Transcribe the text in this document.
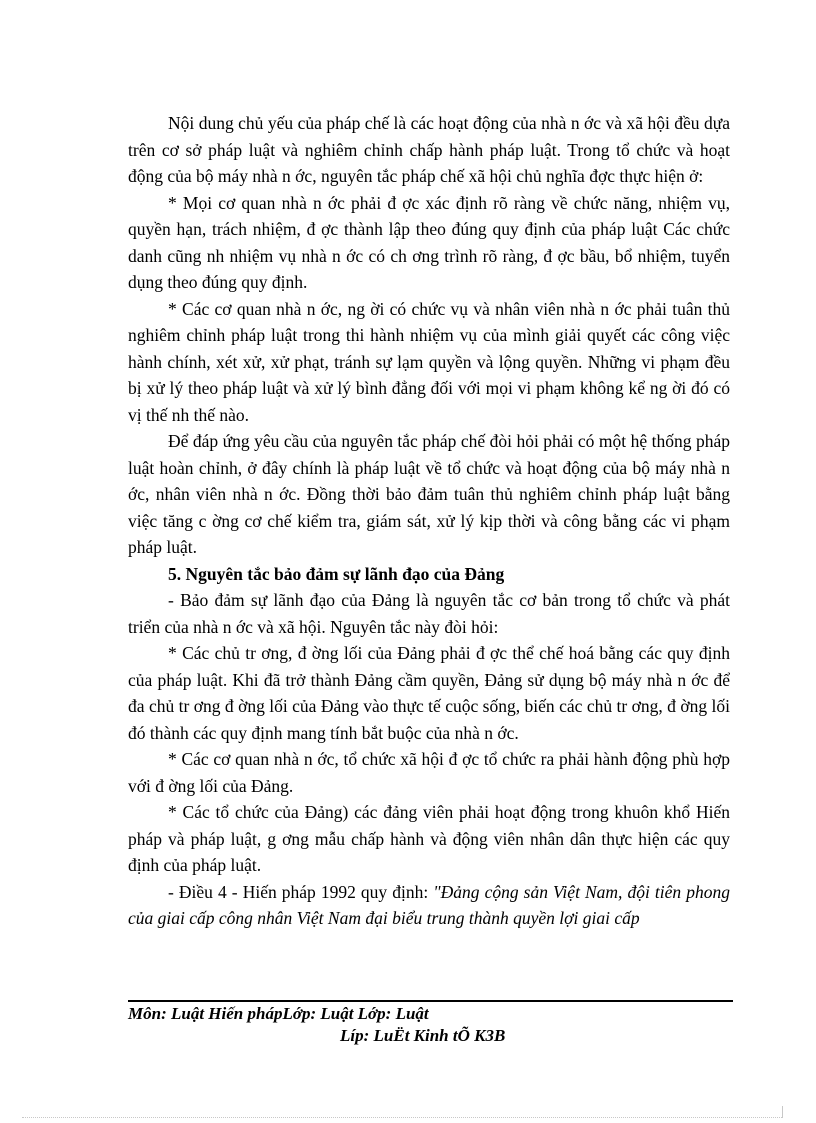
Nội dung chủ yếu của pháp chế là các hoạt động của nhà n ớc và xã hội đều dựa trên cơ sở pháp luật và nghiêm chỉnh chấp hành pháp luật. Trong tổ chức và hoạt động của bộ máy nhà n ớc, nguyên tắc pháp chế xã hội chủ nghĩa đợc thực hiện ở:

* Mọi cơ quan nhà n ớc phải đ ợc xác định rõ ràng về chức năng, nhiệm vụ, quyền hạn, trách nhiệm, đ ợc thành lập theo đúng quy định của pháp luật Các chức danh cũng nh nhiệm vụ nhà n ớc có ch ơng trình rõ ràng, đ ợc bầu, bổ nhiệm, tuyển dụng theo đúng quy định.

* Các cơ quan nhà n ớc, ng ời có chức vụ và nhân viên nhà n ớc phải tuân thủ nghiêm chỉnh pháp luật trong thi hành nhiệm vụ của mình giải quyết các công việc hành chính, xét xử, xử phạt, tránh sự lạm quyền và lộng quyền. Những vi phạm đều bị xử lý theo pháp luật và xử lý bình đẳng đối với mọi vi phạm không kể ng ời đó có vị thế nh thế nào.

Để đáp ứng yêu cầu của nguyên tắc pháp chế đòi hỏi phải có một hệ thống pháp luật hoàn chỉnh, ở đây chính là pháp luật về tổ chức và hoạt động của bộ máy nhà n ớc, nhân viên nhà n ớc. Đồng thời bảo đảm tuân thủ nghiêm chỉnh pháp luật bằng việc tăng c ờng cơ chế kiểm tra, giám sát, xử lý kịp thời và công bằng các vi phạm pháp luật.

5. Nguyên tắc bảo đảm sự lãnh đạo của Đảng

- Bảo đảm sự lãnh đạo của Đảng là nguyên tắc cơ bản trong tổ chức và phát triển của nhà n ớc và xã hội. Nguyên tắc này đòi hỏi:

* Các chủ tr ơng, đ ờng lối của Đảng phải đ ợc thể chế hoá bằng các quy định của pháp luật. Khi đã trở thành Đảng cầm quyền, Đảng sử dụng bộ máy nhà n ớc để đa chủ tr ơng đ ờng lối của Đảng vào thực tế cuộc sống, biến các chủ tr ơng, đ ờng lối đó thành các quy định mang tính bắt buộc của nhà n ớc.

* Các cơ quan nhà n ớc, tổ chức xã hội đ ợc tổ chức ra phải hành động phù hợp với đ ờng lối của Đảng.

* Các tổ chức của Đảng) các đảng viên phải hoạt động trong khuôn khổ Hiến pháp và pháp luật, g ơng mẫu chấp hành và động viên nhân dân thực hiện các quy định của pháp luật.

- Điều 4 - Hiến pháp 1992 quy định: "Đảng cộng sản Việt Nam, đội tiên phong của giai cấp công nhân Việt Nam đại biểu trung thành quyền lợi giai cấp

Môn: Luật Hiến phápLớp: Luật Lớp: Luật
Líp: LuËt Kinh tÕ K3B
